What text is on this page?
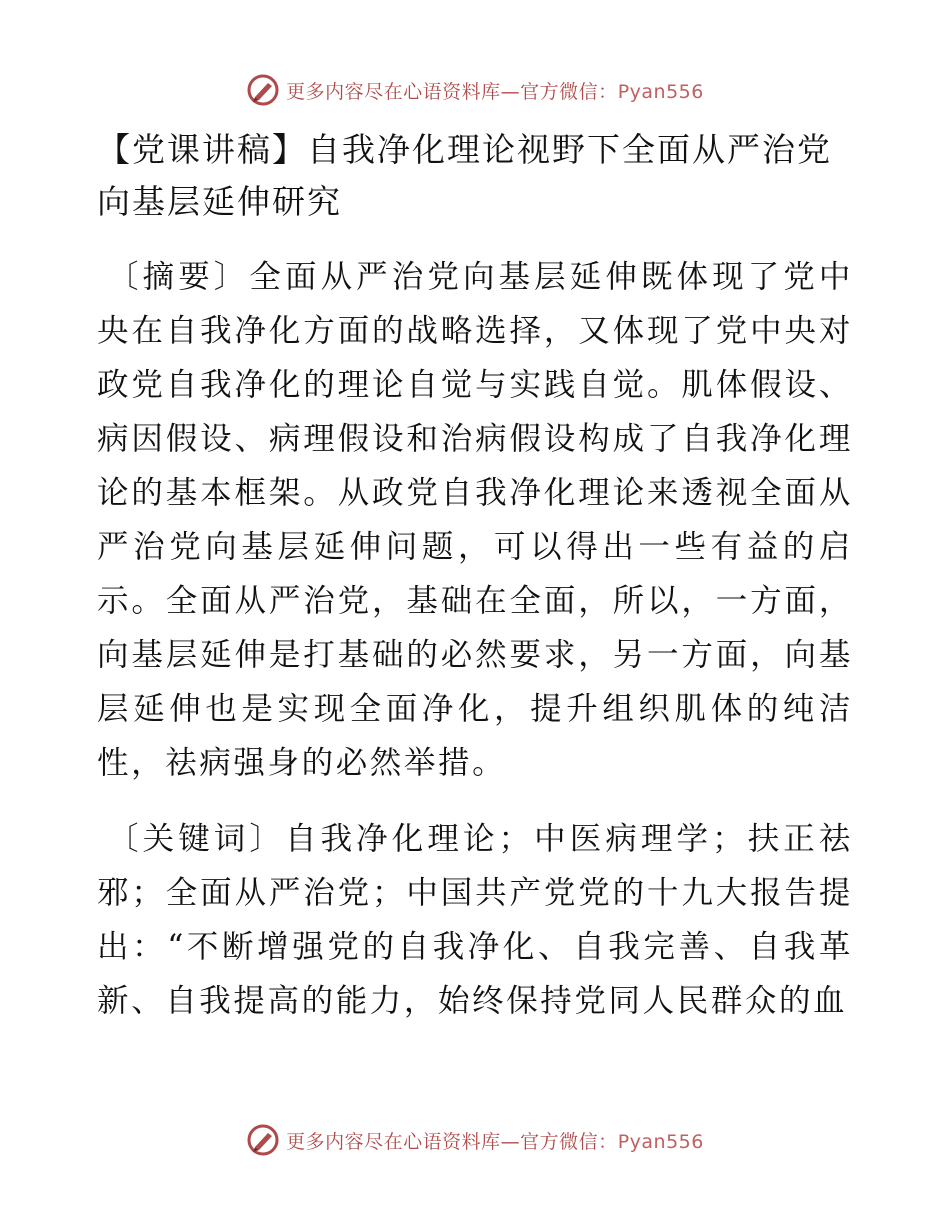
更多内容尽在心语资料库—官方微信：Pyan556
【党课讲稿】自我净化理论视野下全面从严治党向基层延伸研究

〔摘要〕全面从严治党向基层延伸既体现了党中央在自我净化方面的战略选择，又体现了党中央对政党自我净化的理论自觉与实践自觉。肌体假设、病因假设、病理假设和治病假设构成了自我净化理论的基本框架。从政党自我净化理论来透视全面从严治党向基层延伸问题，可以得出一些有益的启示。全面从严治党，基础在全面，所以，一方面，向基层延伸是打基础的必然要求，另一方面，向基层延伸也是实现全面净化，提升组织肌体的纯洁性，祛病强身的必然举措。

〔关键词〕自我净化理论；中医病理学；扶正祛邪；全面从严治党；中国共产党党的十九大报告提出：“不断增强党的自我净化、自我完善、自我革新、自我提高的能力，始终保持党同人民群众的血

更多内容尽在心语资料库—官方微信：Pyan556
